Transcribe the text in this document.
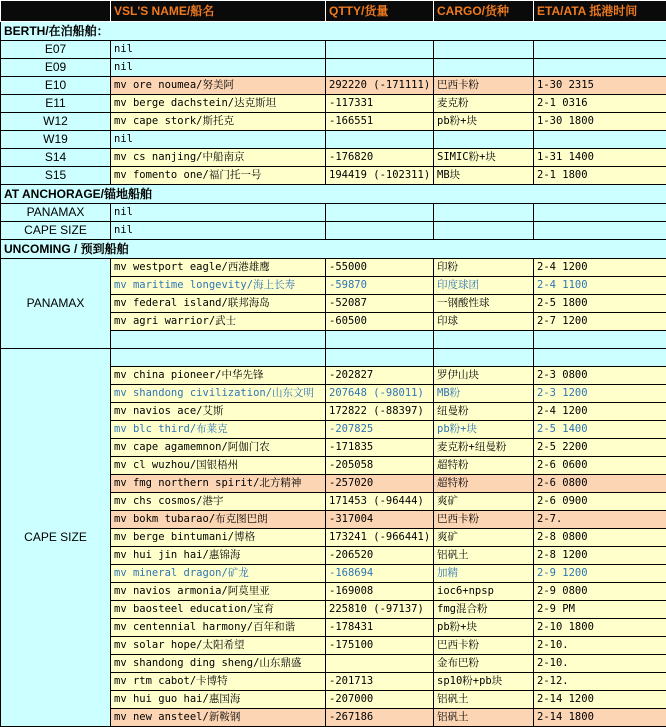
	VSL'S NAME/船名	QTTY/货量	CARGO/货种	ETA/ATA 抵港时间
BERTH/在泊船舶：				
E07	nil			
E09	nil			
E10	mv ore noumea/努美阿	292220 (-171111)	巴西卡粉	1-30 2315
E11	mv berge dachstein/达克斯坦	-117331	麦克粉	2-1 0316
W12	mv cape stork/斯托克	-166551	pb粉+块	1-30 1800
W19	nil			
S14	mv cs nanjing/中船南京	-176820	SIMIC粉+块	1-31 1400
S15	mv fomento one/福门托一号	194419 (-102311)	MB块	2-1 1800
AT ANCHORAGE/锚地船舶				
PANAMAX	nil			
CAPE SIZE	nil			
UNCOMING / 预到船舶				
PANAMAX	mv westport eagle/西港雄鹰	-55000	印粉	2-4 1200
	mv maritime longevity/海上长寿	-59870	印度球团	2-4 1100
	mv federal island/联邦海岛	-52087	一钢酸性球	2-5 1800
	mv agri warrior/武士	-60500	印球	2-7 1200

CAPE SIZE				
	mv china pioneer/中华先锋	-202827	罗伊山块	2-3 0800
	mv shandong civilization/山东文明	207648 (-98011)	MB粉	2-3 1200
	mv navios ace/艾斯	172822 (-88397)	纽曼粉	2-4 1200
	mv blc third/布莱克	-207825	pb粉+块	2-5 1400
	mv cape agamemnon/阿伽门农	-171835	麦克粉+纽曼粉	2-5 2200
	mv cl wuzhou/国银梧州	-205058	超特粉	2-6 0600
	mv fmg northern spirit/北方精神	-257020	超特粉	2-6 0800
	mv chs cosmos/港宇	171453 (-96444)	爽矿	2-6 0900
	mv bokm tubarao/布克图巴朗	-317004	巴西卡粉	2-7.
	mv berge bintumani/博格	173241 (-966441)	爽矿	2-8 0800
	mv hui jin hai/惠锦海	-206520	铝矾土	2-8 1200
	mv mineral dragon/矿龙	-168694	加精	2-9 1200
	mv navios armonia/阿莫里亚	-169008	ioc6+npsp	2-9 0800
	mv baosteel education/宝育	225810 (-97137)	fmg混合粉	2-9 PM
	mv centennial harmony/百年和谐	-178431	pb粉+块	2-10 1800
	mv solar hope/太阳希望	-175100	巴西卡粉	2-10.
	mv shandong ding sheng/山东鼎盛		金布巴粉	2-10.
	mv rtm cabot/卡博特	-201713	sp10粉+pb块	2-12.
	mv hui guo hai/惠国海	-207000	铝矾土	2-14 1200
	mv new ansteel/新鞍钢	-267186	铝矾土	2-14 1800
